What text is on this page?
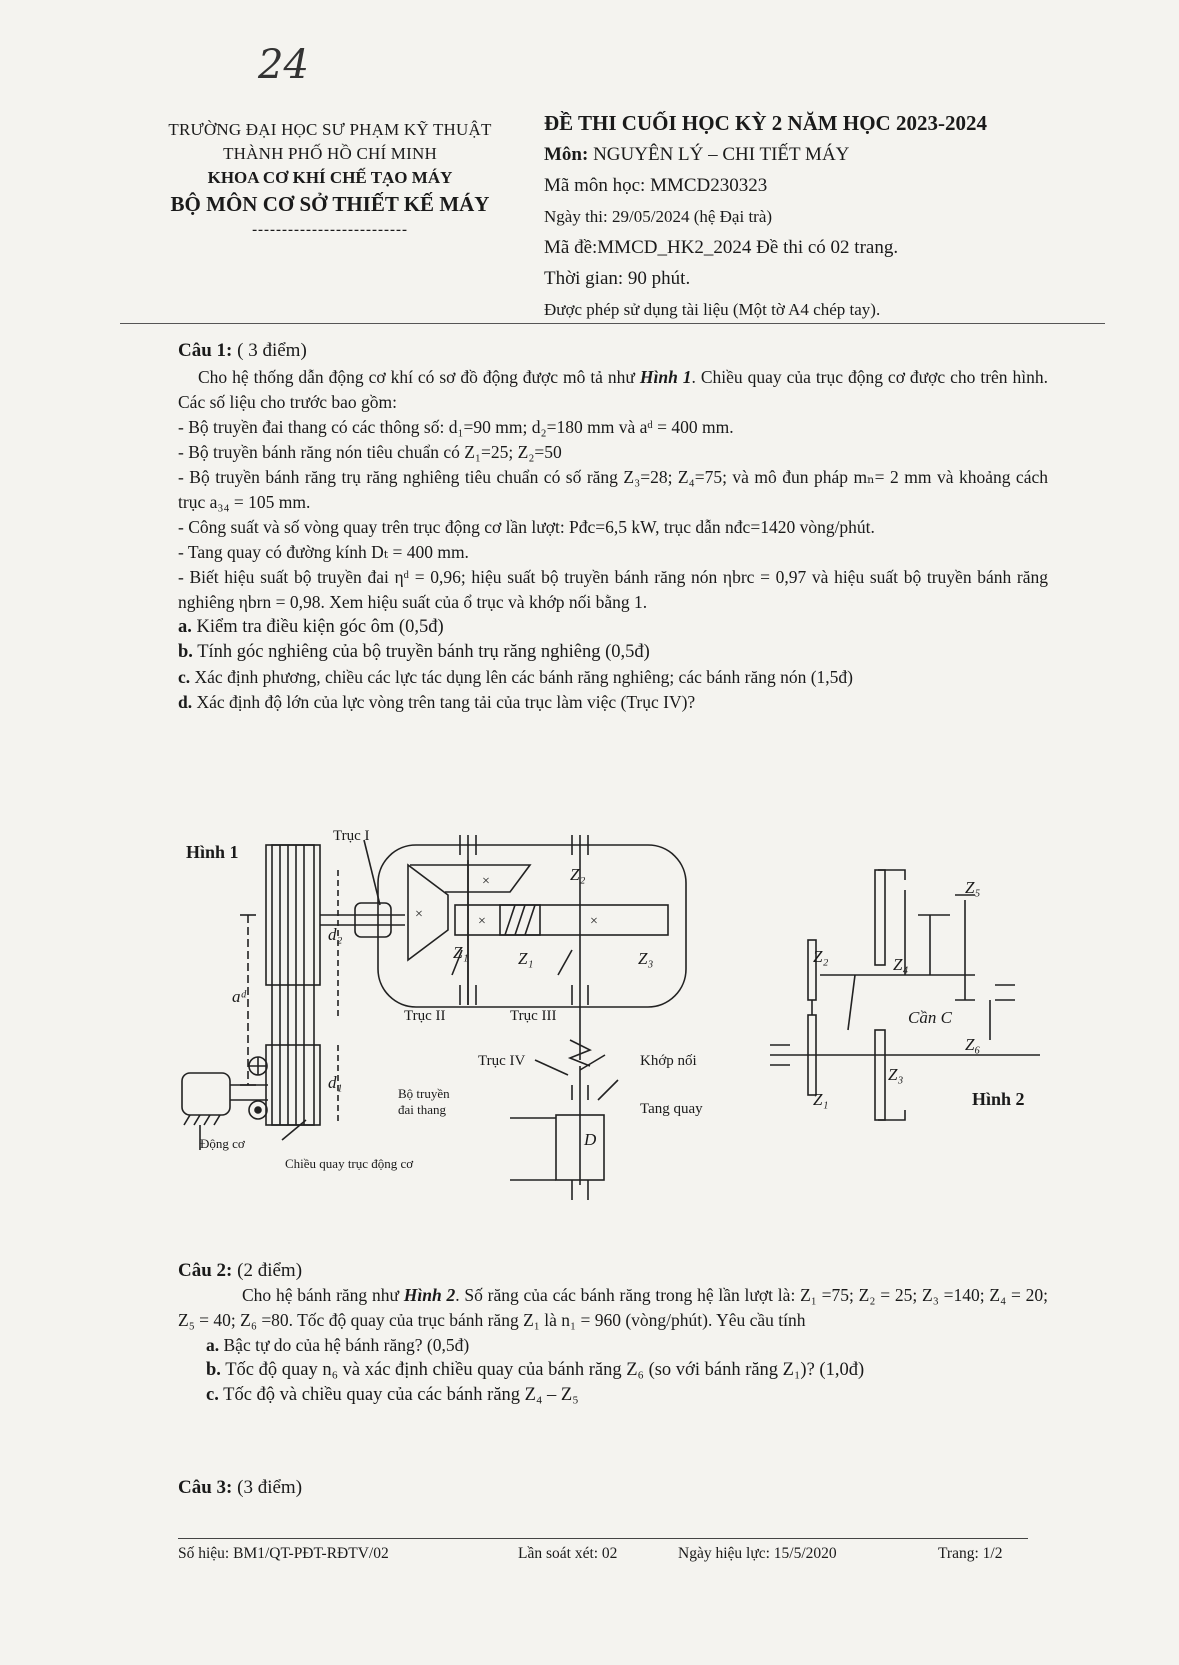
24
TRƯỜNG ĐẠI HỌC SƯ PHẠM KỸ THUẬT
THÀNH PHỐ HỒ CHÍ MINH
KHOA CƠ KHÍ CHẾ TẠO MÁY
BỘ MÔN CƠ SỞ THIẾT KẾ MÁY
--------------------------
ĐỀ THI CUỐI HỌC KỲ 2 NĂM HỌC 2023-2024
Môn: NGUYÊN LÝ – CHI TIẾT MÁY
Mã môn học: MMCD230323
Ngày thi: 29/05/2024 (hệ Đại trà)
Mã đề:MMCD_HK2_2024 Đề thi có 02 trang.
Thời gian: 90 phút.
Được phép sử dụng tài liệu (Một tờ A4 chép tay).
Câu 1: ( 3 điểm)
Cho hệ thống dẫn động cơ khí có sơ đồ động được mô tả như Hình 1. Chiều quay của trục động cơ được cho trên hình. Các số liệu cho trước bao gồm:
- Bộ truyền đai thang có các thông số: d₁=90 mm; d₂=180 mm và aᵈ = 400 mm.
- Bộ truyền bánh răng nón tiêu chuẩn có Z₁=25; Z₂=50
- Bộ truyền bánh răng trụ răng nghiêng tiêu chuẩn có số răng Z₃=28; Z₄=75; và mô đun pháp mₙ= 2 mm và khoảng cách trục a₃₄ = 105 mm.
- Công suất và số vòng quay trên trục động cơ lần lượt: Pđc=6,5 kW, trục dẫn nđc=1420 vòng/phút.
- Tang quay có đường kính Dₜ = 400 mm.
- Biết hiệu suất bộ truyền đai ηᵈ = 0,96; hiệu suất bộ truyền bánh răng nón ηbrc = 0,97 và hiệu suất bộ truyền bánh răng nghiêng ηbrn = 0,98. Xem hiệu suất của ổ trục và khớp nối bằng 1.
a. Kiểm tra điều kiện góc ôm (0,5đ)
b. Tính góc nghiêng của bộ truyền bánh trụ răng nghiêng (0,5đ)
c. Xác định phương, chiều các lực tác dụng lên các bánh răng nghiêng; các bánh răng nón (1,5đ)
d. Xác định độ lớn của lực vòng trên tang tải của trục làm việc (Trục IV)?
×
×	×	×
Hình 1
Trục I
Trục II	Trục III
Trục IV
Z₁	Z₁
Z₂
Z₃
d₂
d₁
aᵈ
Bộ truyền
đai thang
Động cơ
Chiều quay trục động cơ
Khớp nối
Tang quay
D
Z₂
Z₁
Z₃
Z₄
Z₅
Z₆
Cần C
Hình 2
Câu 2: (2 điểm)
Cho hệ bánh răng như Hình 2. Số răng của các bánh răng trong hệ lần lượt là: Z₁ =75; Z₂ = 25; Z₃ =140; Z₄ = 20; Z₅ = 40; Z₆ =80. Tốc độ quay của trục bánh răng Z₁ là n₁ = 960 (vòng/phút). Yêu cầu tính
a. Bậc tự do của hệ bánh răng? (0,5đ)
b. Tốc độ quay n₆ và xác định chiều quay của bánh răng Z₆ (so với bánh răng Z₁)? (1,0đ)
c. Tốc độ và chiều quay của các bánh răng Z₄ – Z₅
Câu 3: (3 điểm)
Số hiệu: BM1/QT-PĐT-RĐTV/02	Lần soát xét: 02	Ngày hiệu lực: 15/5/2020	Trang: 1/2
